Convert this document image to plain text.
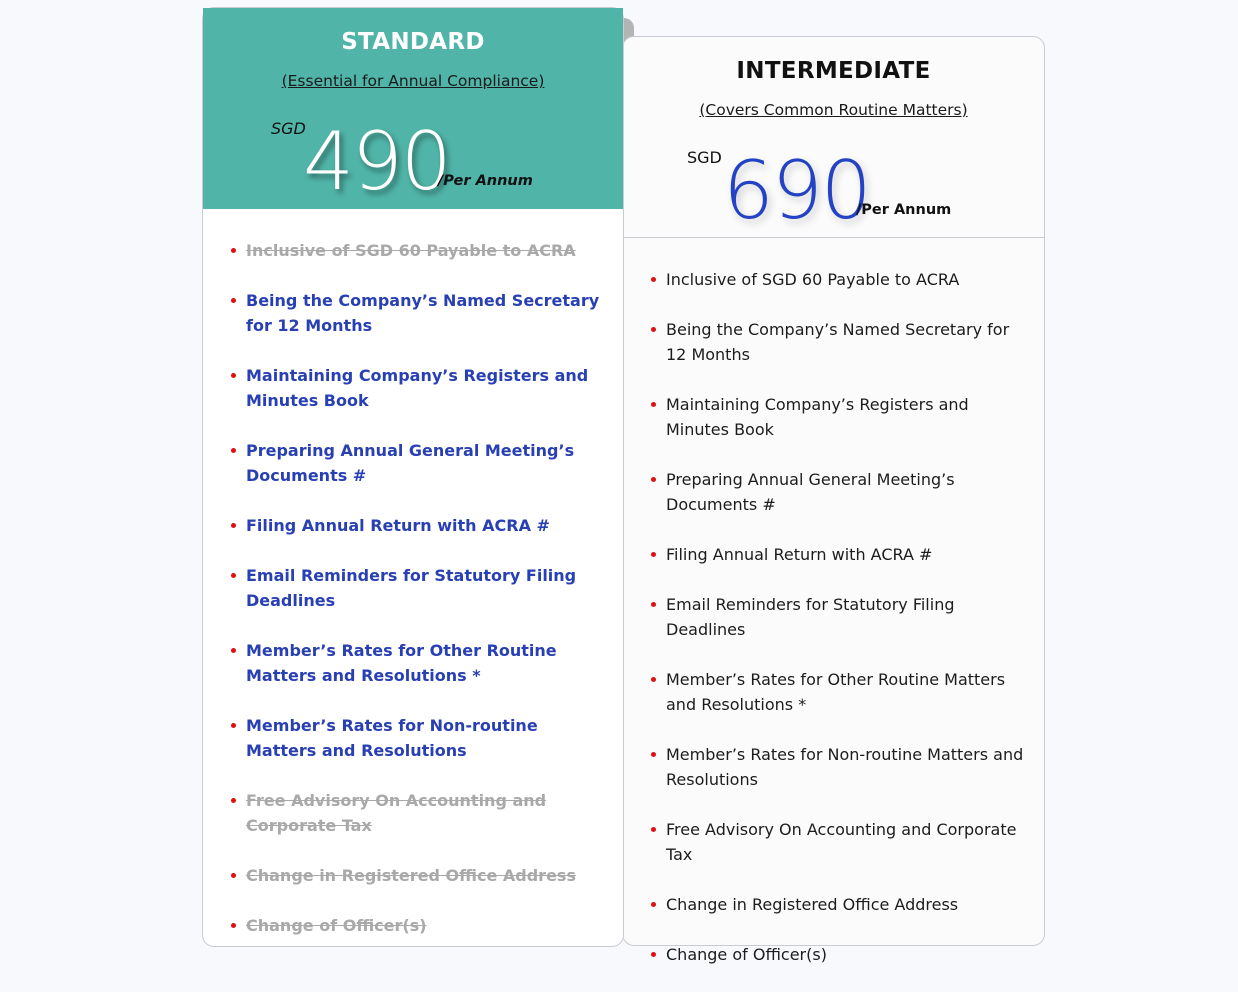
STANDARD
(Essential for Annual Compliance)
SGD
490
/Per Annum
Inclusive of SGD 60 Payable to ACRA
Being the Company’s Named Secretary for 12 Months
Maintaining Company’s Registers and Minutes Book
Preparing Annual General Meeting’s Documents #
Filing Annual Return with ACRA #
Email Reminders for Statutory Filing Deadlines
Member’s Rates for Other Routine Matters and Resolutions *
Member’s Rates for Non-routine Matters and Resolutions
Free Advisory On Accounting and Corporate Tax
Change in Registered Office Address
Change of Officer(s)
INTERMEDIATE
(Covers Common Routine Matters)
SGD 690
/Per Annum
Inclusive of SGD 60 Payable to ACRA
Being the Company’s Named Secretary for 12 Months
Maintaining Company’s Registers and Minutes Book
Preparing Annual General Meeting’s Documents #
Filing Annual Return with ACRA #
Email Reminders for Statutory Filing Deadlines
Member’s Rates for Other Routine Matters and Resolutions *
Member’s Rates for Non-routine Matters and Resolutions
Free Advisory On Accounting and Corporate Tax
Change in Registered Office Address
Change of Officer(s)
